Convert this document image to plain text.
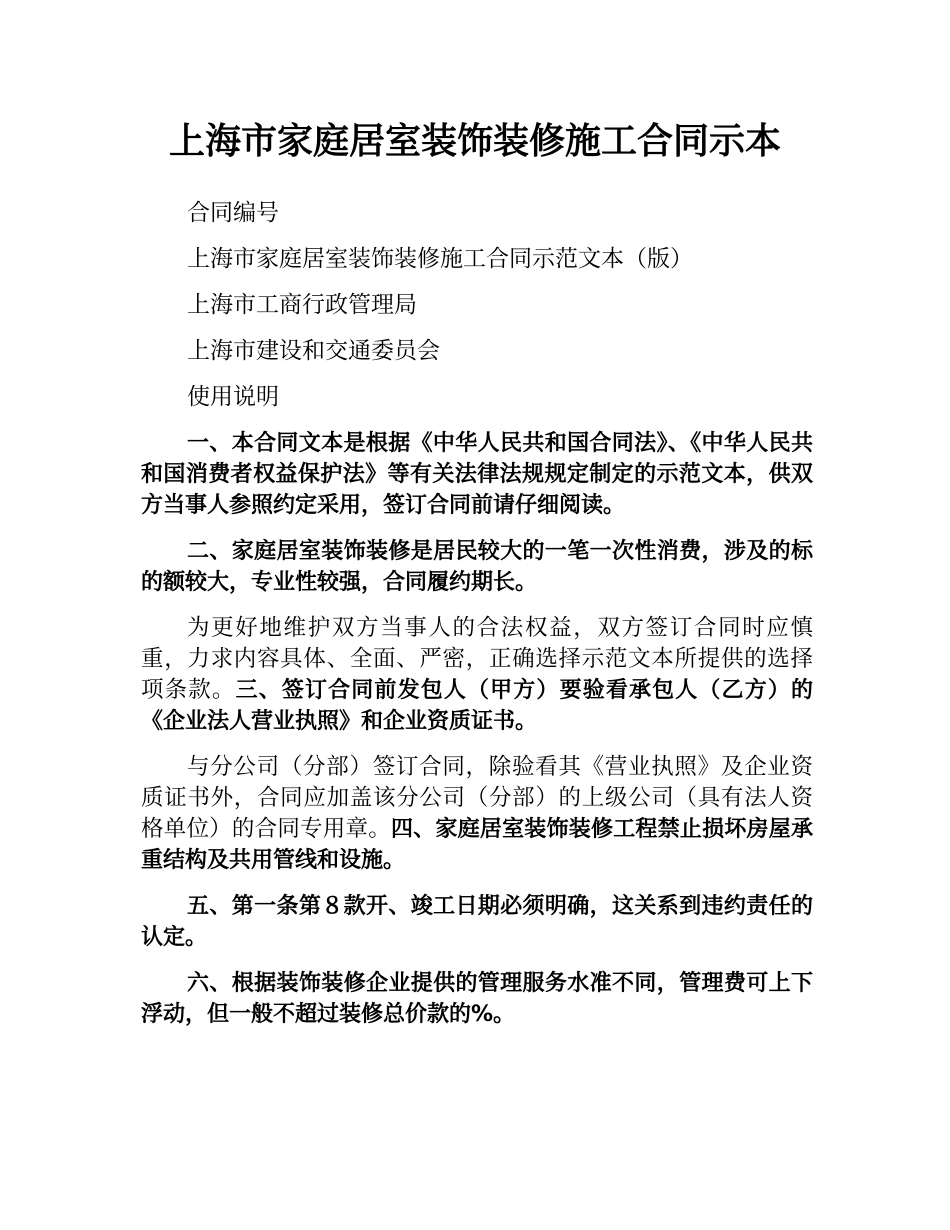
上海市家庭居室装饰装修施工合同示本
合同编号
上海市家庭居室装饰装修施工合同示范文本（版）
上海市工商行政管理局
上海市建设和交通委员会
使用说明

一、本合同文本是根据《中华人民共和国合同法》、《中华人民共和国消费者权益保护法》等有关法律法规规定制定的示范文本，供双方当事人参照约定采用，签订合同前请仔细阅读。

二、家庭居室装饰装修是居民较大的一笔一次性消费，涉及的标的额较大，专业性较强，合同履约期长。

为更好地维护双方当事人的合法权益，双方签订合同时应慎重，力求内容具体、全面、严密，正确选择示范文本所提供的选择项条款。三、签订合同前发包人（甲方）要验看承包人（乙方）的《企业法人营业执照》和企业资质证书。

与分公司（分部）签订合同，除验看其《营业执照》及企业资质证书外，合同应加盖该分公司（分部）的上级公司（具有法人资格单位）的合同专用章。四、家庭居室装饰装修工程禁止损坏房屋承重结构及共用管线和设施。

五、第一条第８款开、竣工日期必须明确，这关系到违约责任的认定。

六、根据装饰装修企业提供的管理服务水准不同，管理费可上下浮动，但一般不超过装修总价款的%。
